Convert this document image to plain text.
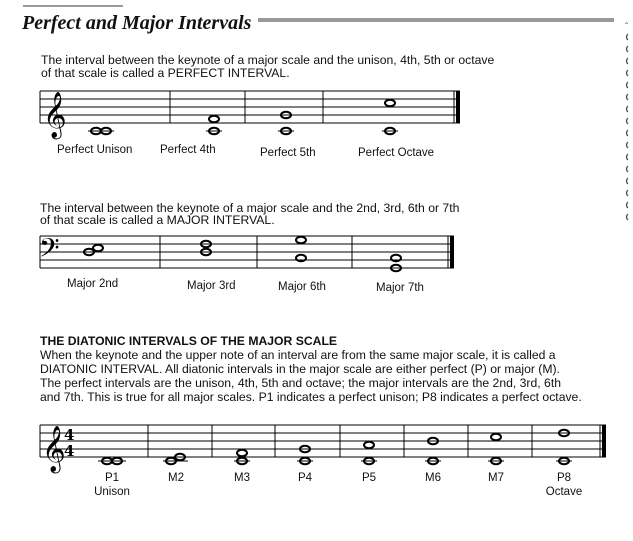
Perfect and Major Intervals
The interval between the keynote of a major scale and the unison, 4th, 5th or octave
of that scale is called a PERFECT INTERVAL.
𝄞
Perfect Unison Perfect 4th	Perfect 5th	Perfect Octave
The interval between the keynote of a major scale and the 2nd, 3rd, 6th or 7th
of that scale is called a MAJOR INTERVAL.
𝄢
Major 2nd	Major 3rd	Major 6th	Major 7th
THE DIATONIC INTERVALS OF THE MAJOR SCALE
When the keynote and the upper note of an interval are from the same major scale, it is called a
DIATONIC INTERVAL. All diatonic intervals in the major scale are either perfect (P) or major (M).
The perfect intervals are the unison, 4th, 5th and octave; the major intervals are the 2nd, 3rd, 6th
and 7th. This is true for all major scales. P1 indicates a perfect unison; P8 indicates a perfect octave.
𝄞
4
4
P1
Unison
M2	M3	P4	P5	M6	M7	P8
Octave
ˆ
